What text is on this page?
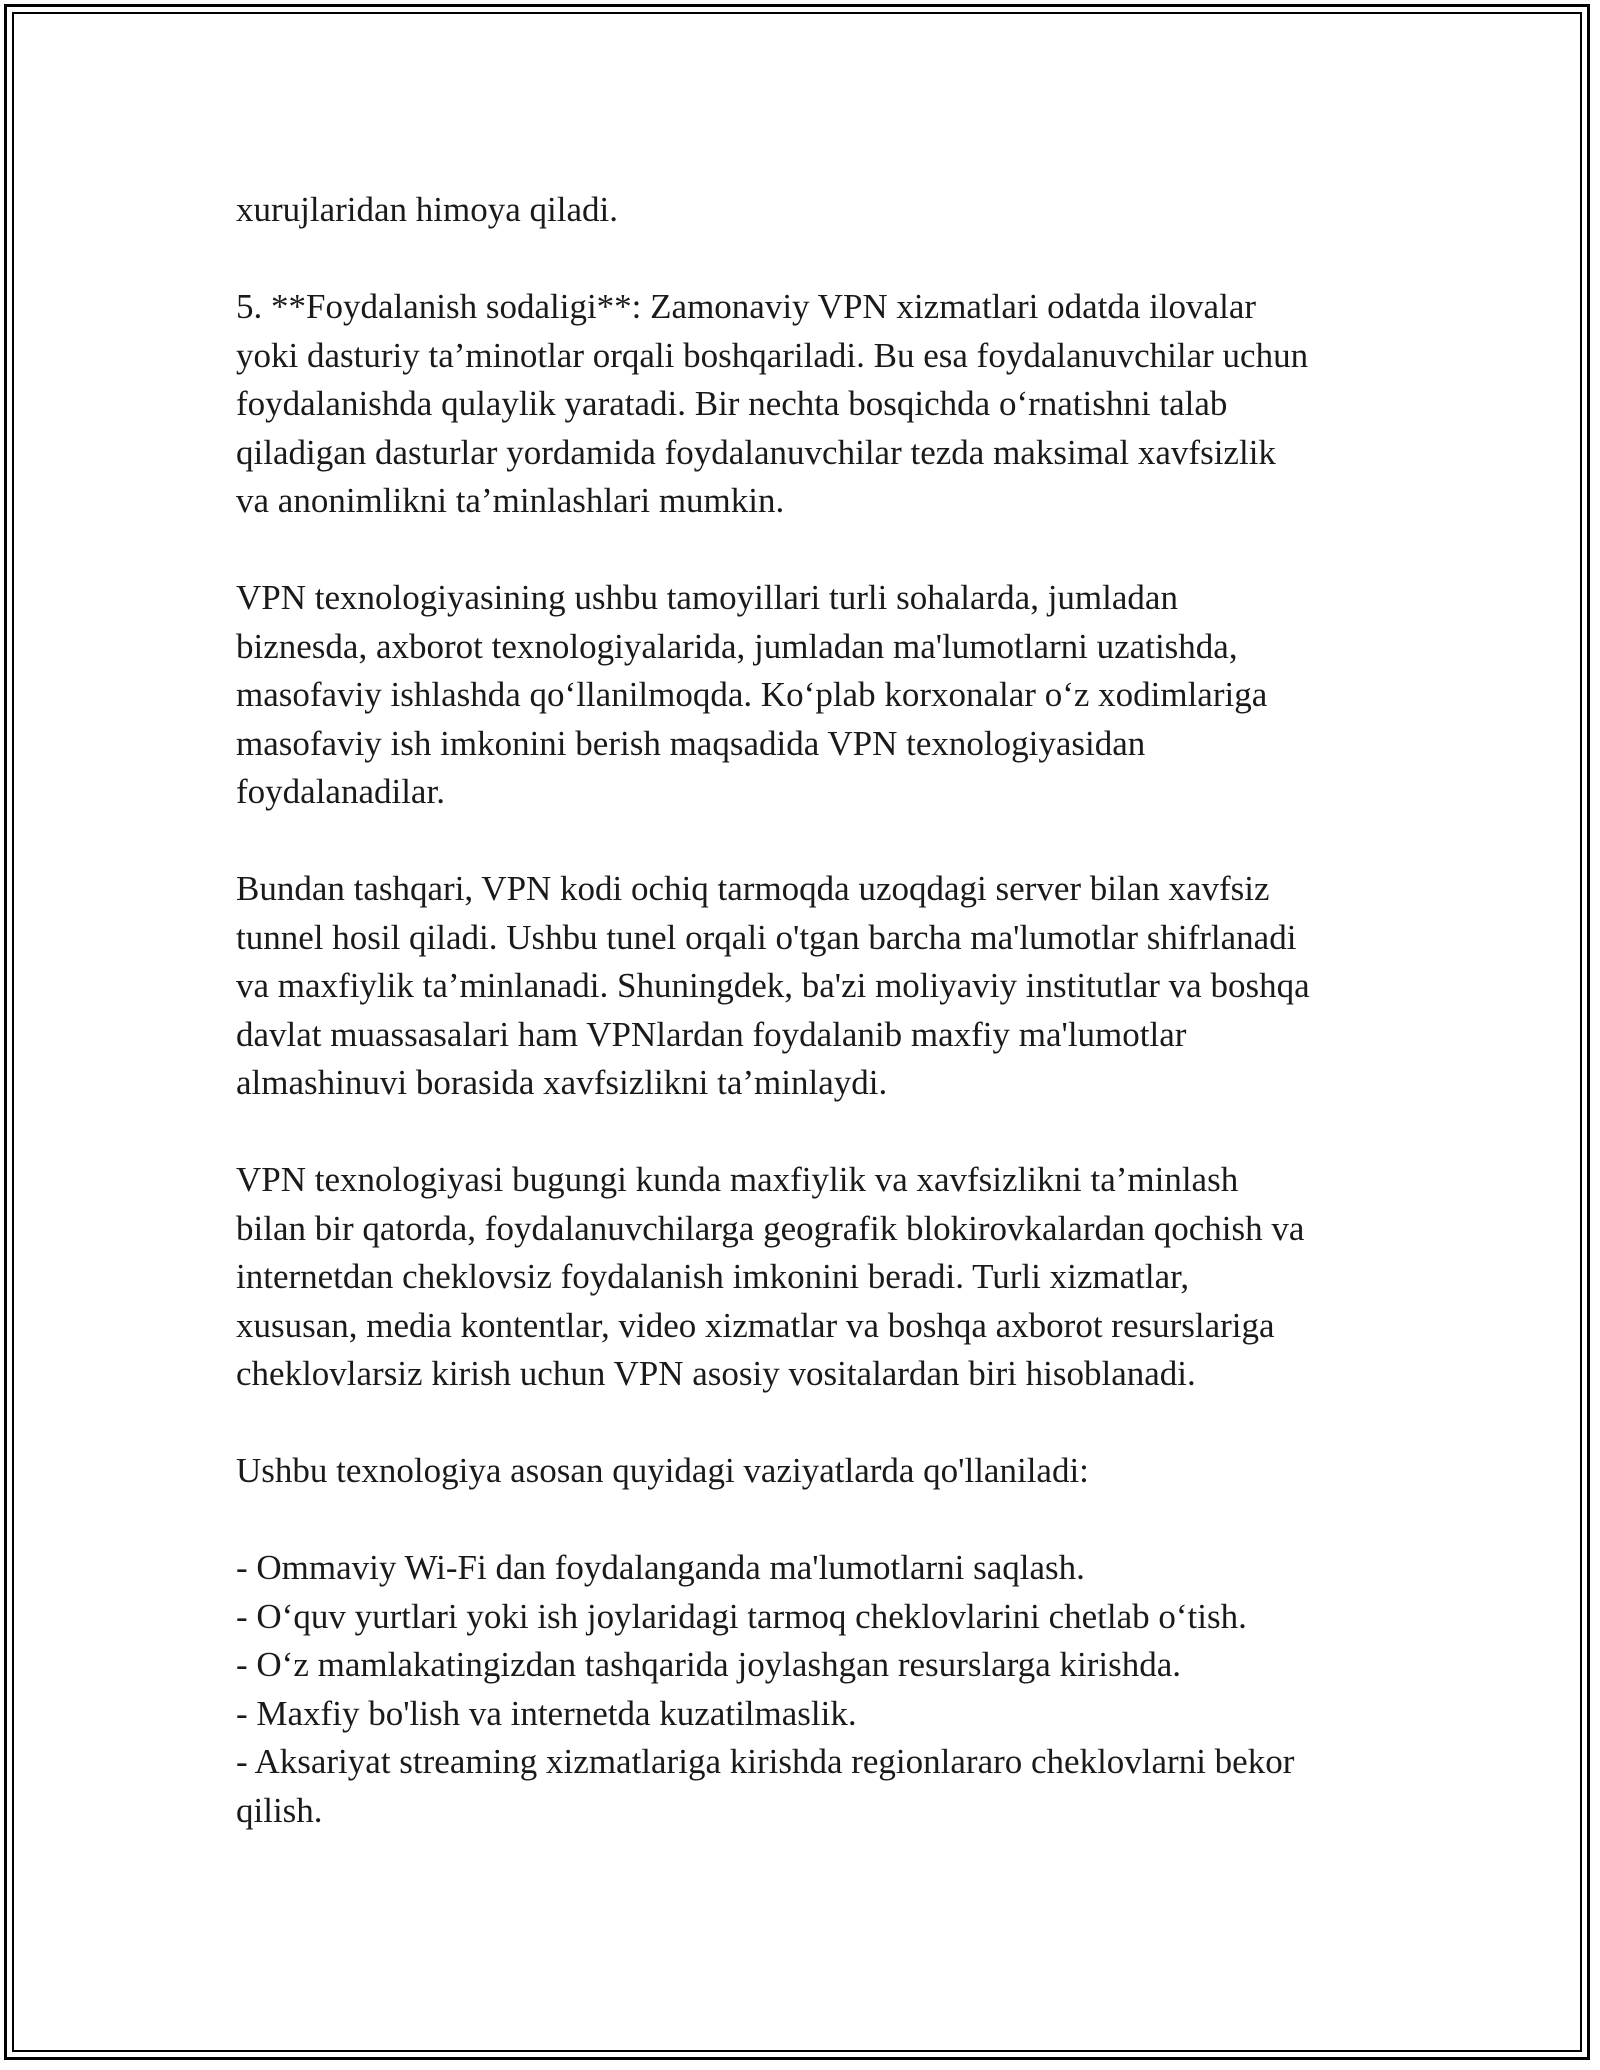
xurujlaridan himoya qiladi.

5. **Foydalanish sodaligi**: Zamonaviy VPN xizmatlari odatda ilovalar
yoki dasturiy ta’minotlar orqali boshqariladi. Bu esa foydalanuvchilar uchun
foydalanishda qulaylik yaratadi. Bir nechta bosqichda o‘rnatishni talab
qiladigan dasturlar yordamida foydalanuvchilar tezda maksimal xavfsizlik
va anonimlikni ta’minlashlari mumkin.

VPN texnologiyasining ushbu tamoyillari turli sohalarda, jumladan
biznesda, axborot texnologiyalarida, jumladan ma'lumotlarni uzatishda,
masofaviy ishlashda qo‘llanilmoqda. Ko‘plab korxonalar o‘z xodimlariga
masofaviy ish imkonini berish maqsadida VPN texnologiyasidan
foydalanadilar.

Bundan tashqari, VPN kodi ochiq tarmoqda uzoqdagi server bilan xavfsiz
tunnel hosil qiladi. Ushbu tunel orqali o'tgan barcha ma'lumotlar shifrlanadi
va maxfiylik ta’minlanadi. Shuningdek, ba'zi moliyaviy institutlar va boshqa
davlat muassasalari ham VPNlardan foydalanib maxfiy ma'lumotlar
almashinuvi borasida xavfsizlikni ta’minlaydi.

VPN texnologiyasi bugungi kunda maxfiylik va xavfsizlikni ta’minlash
bilan bir qatorda, foydalanuvchilarga geografik blokirovkalardan qochish va
internetdan cheklovsiz foydalanish imkonini beradi. Turli xizmatlar,
xususan, media kontentlar, video xizmatlar va boshqa axborot resurslariga
cheklovlarsiz kirish uchun VPN asosiy vositalardan biri hisoblanadi.

Ushbu texnologiya asosan quyidagi vaziyatlarda qo'llaniladi:

- Ommaviy Wi-Fi dan foydalanganda ma'lumotlarni saqlash.
- O‘quv yurtlari yoki ish joylaridagi tarmoq cheklovlarini chetlab o‘tish.
- O‘z mamlakatingizdan tashqarida joylashgan resurslarga kirishda.
- Maxfiy bo'lish va internetda kuzatilmaslik.
- Aksariyat streaming xizmatlariga kirishda regionlararo cheklovlarni bekor
qilish.
